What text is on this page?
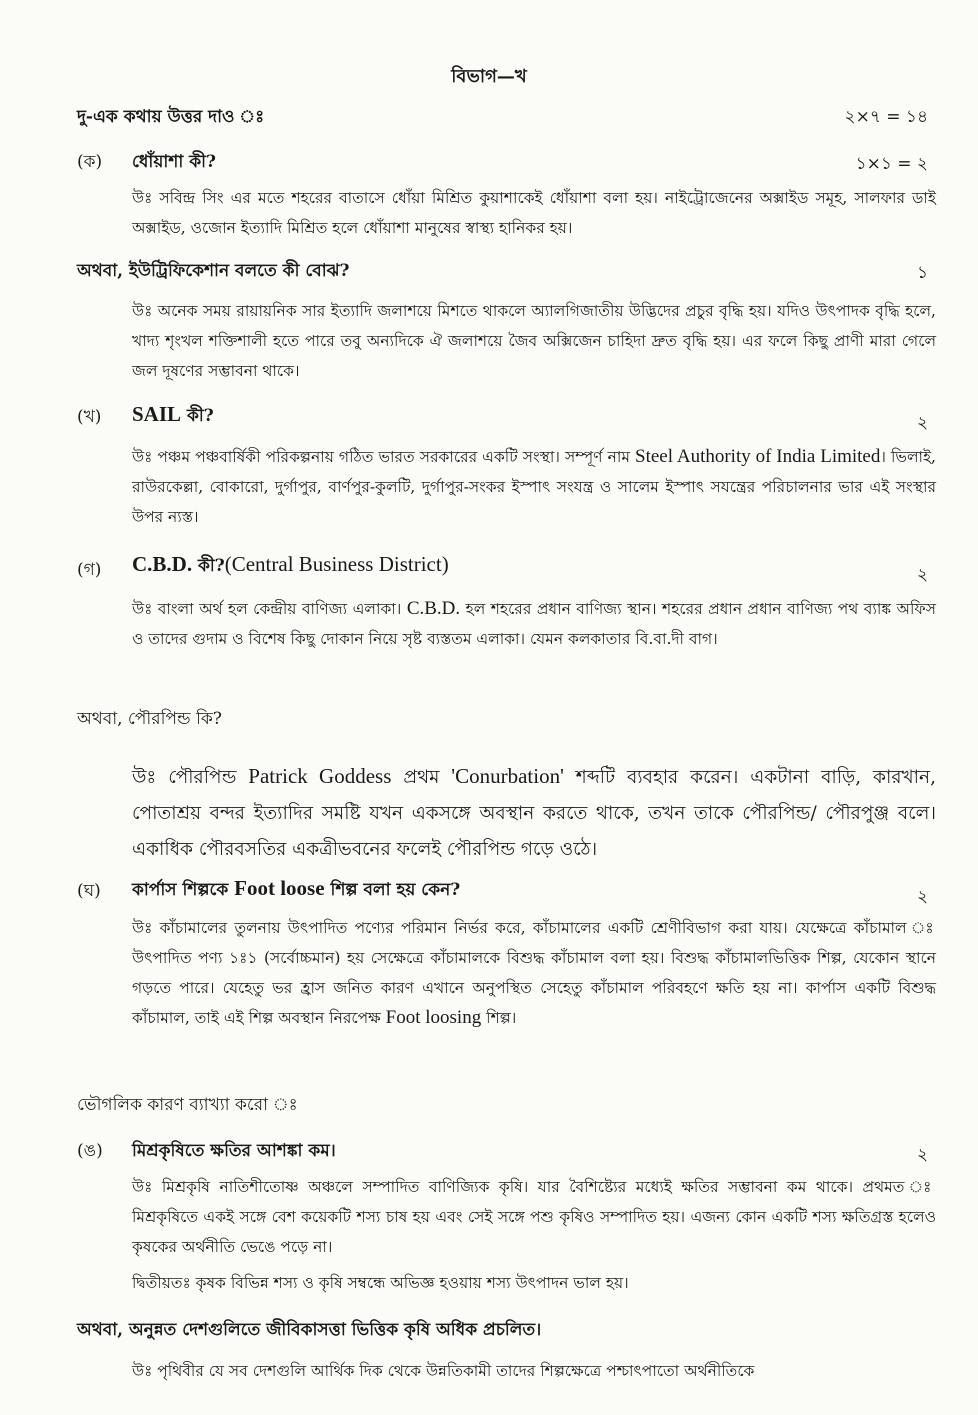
বিভাগ—খ

দু-এক কথায় উত্তর দাও ঃ	২×৭ = ১৪

(ক) ধোঁয়াশা কী?	১×১ = ২

উঃ সবিন্দ্র সিং এর মতে শহরের বাতাসে ধোঁয়া মিশ্রিত কুয়াশাকেই ধোঁয়াশা বলা হয়। নাইট্রোজেনের অক্সাইড সমূহ, সালফার ডাই অক্সাইড, ওজোন ইত্যাদি মিশ্রিত হলে ধোঁয়াশা মানুষের স্বাস্থ্য হানিকর হয়।

অথবা, ইউট্রিফিকেশান বলতে কী বোঝ?	১

উঃ অনেক সময় রায়ায়নিক সার ইত্যাদি জলাশয়ে মিশতে থাকলে অ্যালগিজাতীয় উদ্ভিদের প্রচুর বৃদ্ধি হয়। যদিও উৎপাদক বৃদ্ধি হলে, খাদ্য শৃংখল শক্তিশালী হতে পারে তবু অন্যদিকে ঐ জলাশয়ে জৈব অক্সিজেন চাহিদা দ্রুত বৃদ্ধি হয়। এর ফলে কিছু প্রাণী মারা গেলে জল দূষণের সম্ভাবনা থাকে।

(খ) SAIL কী?	২

উঃ পঞ্চম পঞ্চবার্ষিকী পরিকল্পনায় গঠিত ভারত সরকারের একটি সংস্থা। সম্পূর্ণ নাম Steel Authority of India Limited। ভিলাই, রাউরকেল্লা, বোকারো, দুর্গাপুর, বার্ণপুর-কুলটি, দুর্গাপুর-সংকর ইস্পাৎ সংযন্ত্র ও সালেম ইস্পাৎ সযন্ত্রের পরিচালনার ভার এই সংস্থার উপর ন্যস্ত।

(গ) C.B.D. কী?(Central Business District)	২

উঃ বাংলা অর্থ হল কেন্দ্রীয় বাণিজ্য এলাকা। C.B.D. হল শহরের প্রধান বাণিজ্য স্থান। শহরের প্রধান প্রধান বাণিজ্য পথ ব্যাঙ্ক অফিস ও তাদের গুদাম ও বিশেষ কিছু দোকান নিয়ে সৃষ্ট ব্যস্ততম এলাকা। যেমন কলকাতার বি.বা.দী বাগ।

অথবা, পৌরপিন্ড কি?

উঃ পৌরপিন্ড Patrick Goddess প্রথম 'Conurbation' শব্দটি ব্যবহার করেন। একটানা বাড়ি, কারখান, পোতাশ্রয় বন্দর ইত্যাদির সমষ্টি যখন একসঙ্গে অবস্থান করতে থাকে, তখন তাকে পৌরপিন্ড/ পৌরপুঞ্জ বলে। একাধিক পৌরবসতির একত্রীভবনের ফলেই পৌরপিন্ড গড়ে ওঠে।

(ঘ) কার্পাস শিল্পকে Foot loose শিল্প বলা হয় কেন?	২

উঃ কাঁচামালের তুলনায় উৎপাদিত পণ্যের পরিমান নির্ভর করে, কাঁচামালের একটি শ্রেণীবিভাগ করা যায়। যেক্ষেত্রে কাঁচামাল ঃ উৎপাদিত পণ্য ১ঃ১ (সর্বোচ্চমান) হয় সেক্ষেত্রে কাঁচামালকে বিশুদ্ধ কাঁচামাল বলা হয়। বিশুদ্ধ কাঁচামালভিত্তিক শিল্প, যেকোন স্থানে গড়তে পারে। যেহেতু ভর হ্রাস জনিত কারণ এখানে অনুপস্থিত সেহেতু কাঁচামাল পরিবহণে ক্ষতি হয় না। কার্পাস একটি বিশুদ্ধ কাঁচামাল, তাই এই শিল্প অবস্থান নিরপেক্ষ Foot loosing শিল্প।

ভৌগলিক কারণ ব্যাখ্যা করো ঃ

(ঙ) মিশ্রকৃষিতে ক্ষতির আশঙ্কা কম।	২

উঃ মিশ্রকৃষি নাতিশীতোষ্ণ অঞ্চলে সম্পাদিত বাণিজ্যিক কৃষি। যার বৈশিষ্ট্যের মধ্যেই ক্ষতির সম্ভাবনা কম থাকে। প্রথমত ঃ মিশ্রকৃষিতে একই সঙ্গে বেশ কয়েকটি শস্য চাষ হয় এবং সেই সঙ্গে পশু কৃষিও সম্পাদিত হয়। এজন্য কোন একটি শস্য ক্ষতিগ্রস্ত হলেও কৃষকের অর্থনীতি ভেঙে পড়ে না।

দ্বিতীয়তঃ কৃষক বিভিন্ন শস্য ও কৃষি সম্বন্ধে অভিজ্ঞ হওয়ায় শস্য উৎপাদন ভাল হয়।

অথবা, অনুন্নত দেশগুলিতে জীবিকাসত্তা ভিত্তিক কৃষি অধিক প্রচলিত।

উঃ পৃথিবীর যে সব দেশগুলি আর্থিক দিক থেকে উন্নতিকামী তাদের শিল্পক্ষেত্রে পশ্চাৎপাতো অর্থনীতিকে
